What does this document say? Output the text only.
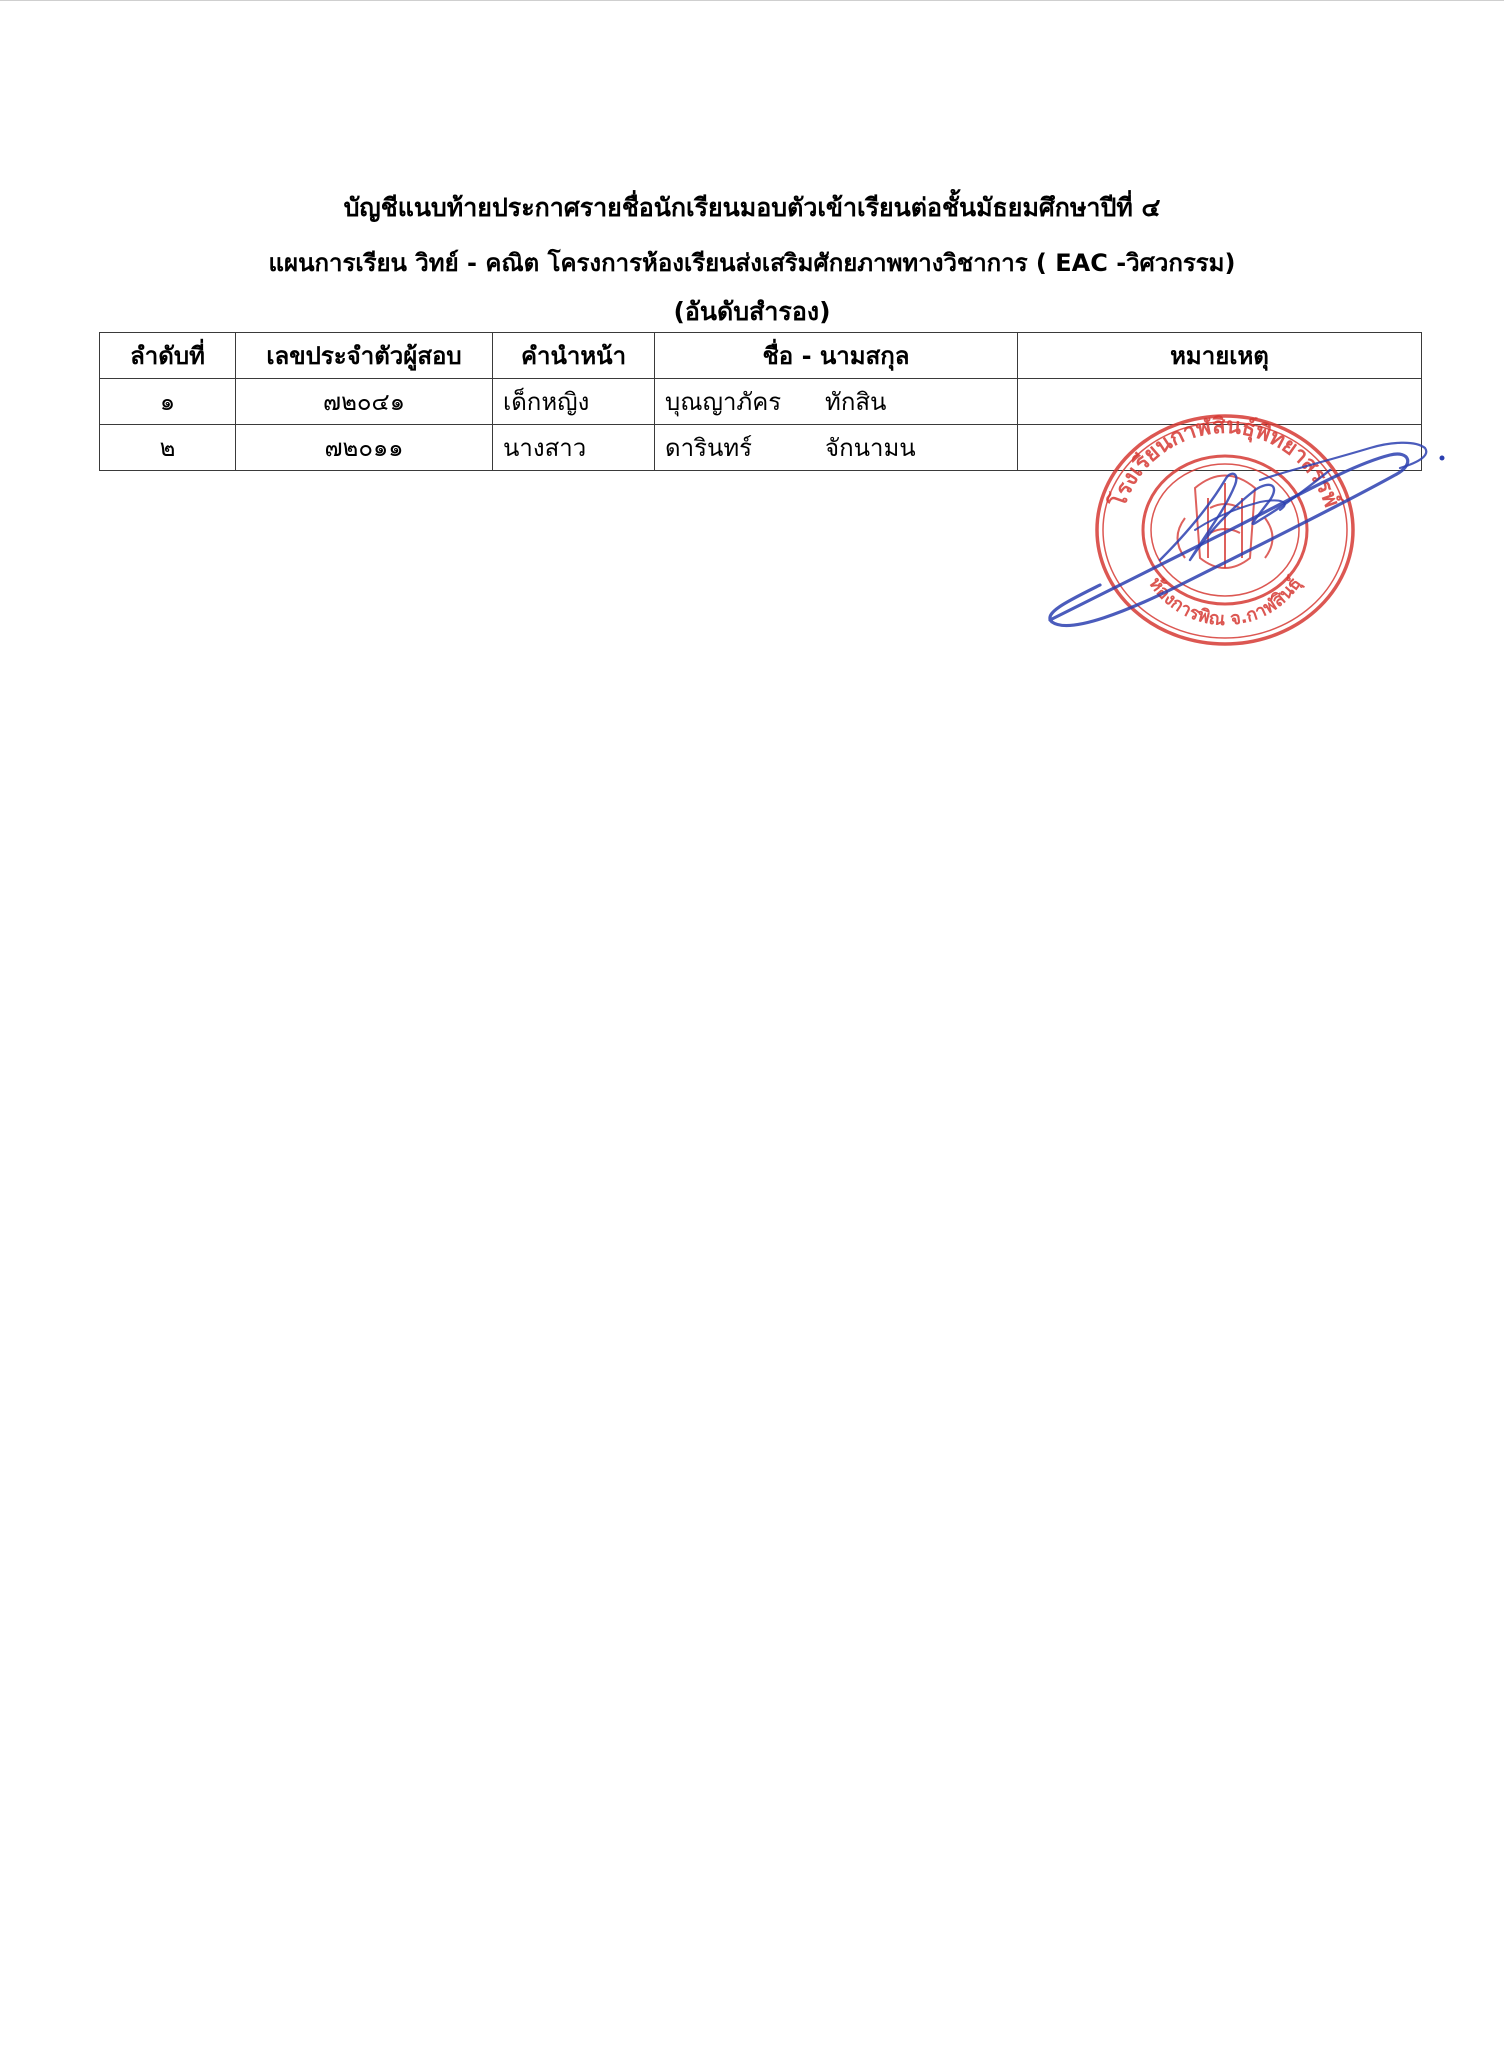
บัญชีแนบท้ายประกาศรายชื่อนักเรียนมอบตัวเข้าเรียนต่อชั้นมัธยมศึกษาปีที่ ๔
แผนการเรียน วิทย์ - คณิต โครงการห้องเรียนส่งเสริมศักยภาพทางวิชาการ ( EAC -วิศวกรรม)
(อันดับสำรอง)
ลำดับที่	เลขประจำตัวผู้สอบ	คำนำหน้า	ชื่อ - นามสกุล	หมายเหตุ
๑	๗๒๐๔๑	เด็กหญิง	บุณญาภัคร ทักสิน	
๒	๗๒๐๑๑	นางสาว	ดารินทร์ จักนามน	
โรงเรียนกาฬสินธุ์พิทยาสรรพ์
ห้องการพิณ จ.กาฬสินธุ์
